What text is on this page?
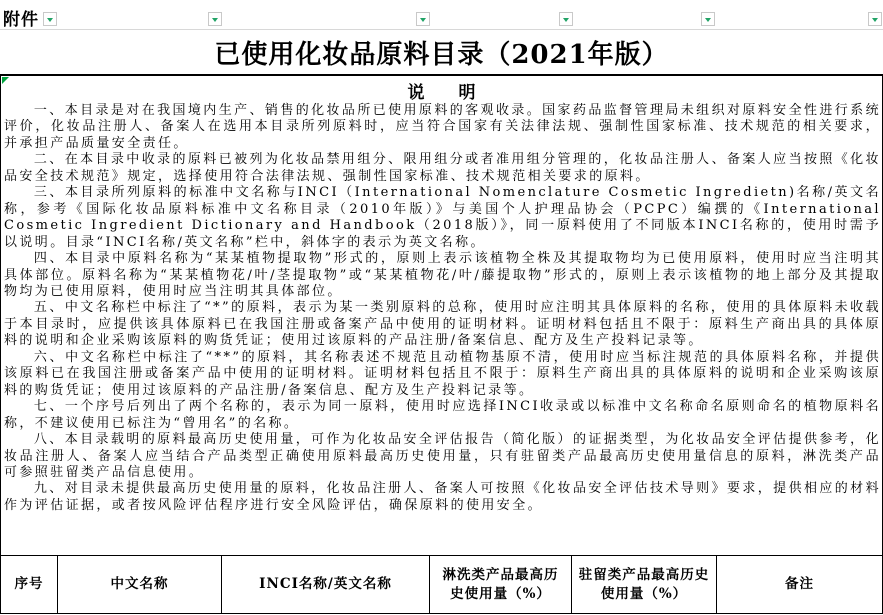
附件
已使用化妆品原料目录（2021年版）
说　　明

一、本目录是对在我国境内生产、销售的化妆品所已使用原料的客观收录。国家药品监督管理局未组织对原料安全性进行系统评价，化妆品注册人、备案人在选用本目录所列原料时，应当符合国家有关法律法规、强制性国家标准、技术规范的相关要求，并承担产品质量安全责任。

二、在本目录中收录的原料已被列为化妆品禁用组分、限用组分或者准用组分管理的，化妆品注册人、备案人应当按照《化妆品安全技术规范》规定，选择使用符合法律法规、强制性国家标准、技术规范相关要求的原料。

三、本目录所列原料的标准中文名称与INCI（International Nomenclature Cosmetic Ingredietn)名称/英文名称，参考《国际化妆品原料标准中文名称目录（2010年版）》与美国个人护理品协会（PCPC）编撰的《International Cosmetic Ingredient Dictionary and Handbook（2018版）》，同一原料使用了不同版本INCI名称的，使用时需予以说明。目录“INCI名称/英文名称”栏中，斜体字的表示为英文名称。

四、本目录中原料名称为“某某植物提取物”形式的，原则上表示该植物全株及其提取物均为已使用原料，使用时应当注明其具体部位。原料名称为“某某植物花/叶/茎提取物”或“某某植物花/叶/藤提取物”形式的，原则上表示该植物的地上部分及其提取物均为已使用原料，使用时应当注明其具体部位。

五、中文名称栏中标注了“*”的原料，表示为某一类别原料的总称，使用时应注明其具体原料的名称，使用的具体原料未收载于本目录时，应提供该具体原料已在我国注册或备案产品中使用的证明材料。证明材料包括且不限于：原料生产商出具的具体原料的说明和企业采购该原料的购货凭证；使用过该原料的产品注册/备案信息、配方及生产投料记录等。

六、中文名称栏中标注了“**”的原料，其名称表述不规范且动植物基原不清，使用时应当标注规范的具体原料名称，并提供该原料已在我国注册或备案产品中使用的证明材料。证明材料包括且不限于：原料生产商出具的具体原料的说明和企业采购该原料的购货凭证；使用过该原料的产品注册/备案信息、配方及生产投料记录等。

七、一个序号后列出了两个名称的，表示为同一原料，使用时应选择INCI收录或以标准中文名称命名原则命名的植物原料名称，不建议使用已标注为“曾用名”的名称。

八、本目录载明的原料最高历史使用量，可作为化妆品安全评估报告（简化版）的证据类型，为化妆品安全评估提供参考，化妆品注册人、备案人应当结合产品类型正确使用原料最高历史使用量，只有驻留类产品最高历史使用量信息的原料，淋洗类产品可参照驻留类产品信息使用。

九、对目录未提供最高历史使用量的原料，化妆品注册人、备案人可按照《化妆品安全评估技术导则》要求，提供相应的材料作为评估证据，或者按风险评估程序进行安全风险评估，确保原料的使用安全。

序号	中文名称	INCI名称/英文名称
淋洗类产品最高历史使用量（%）
驻留类产品最高历史使用量（%）
备注
